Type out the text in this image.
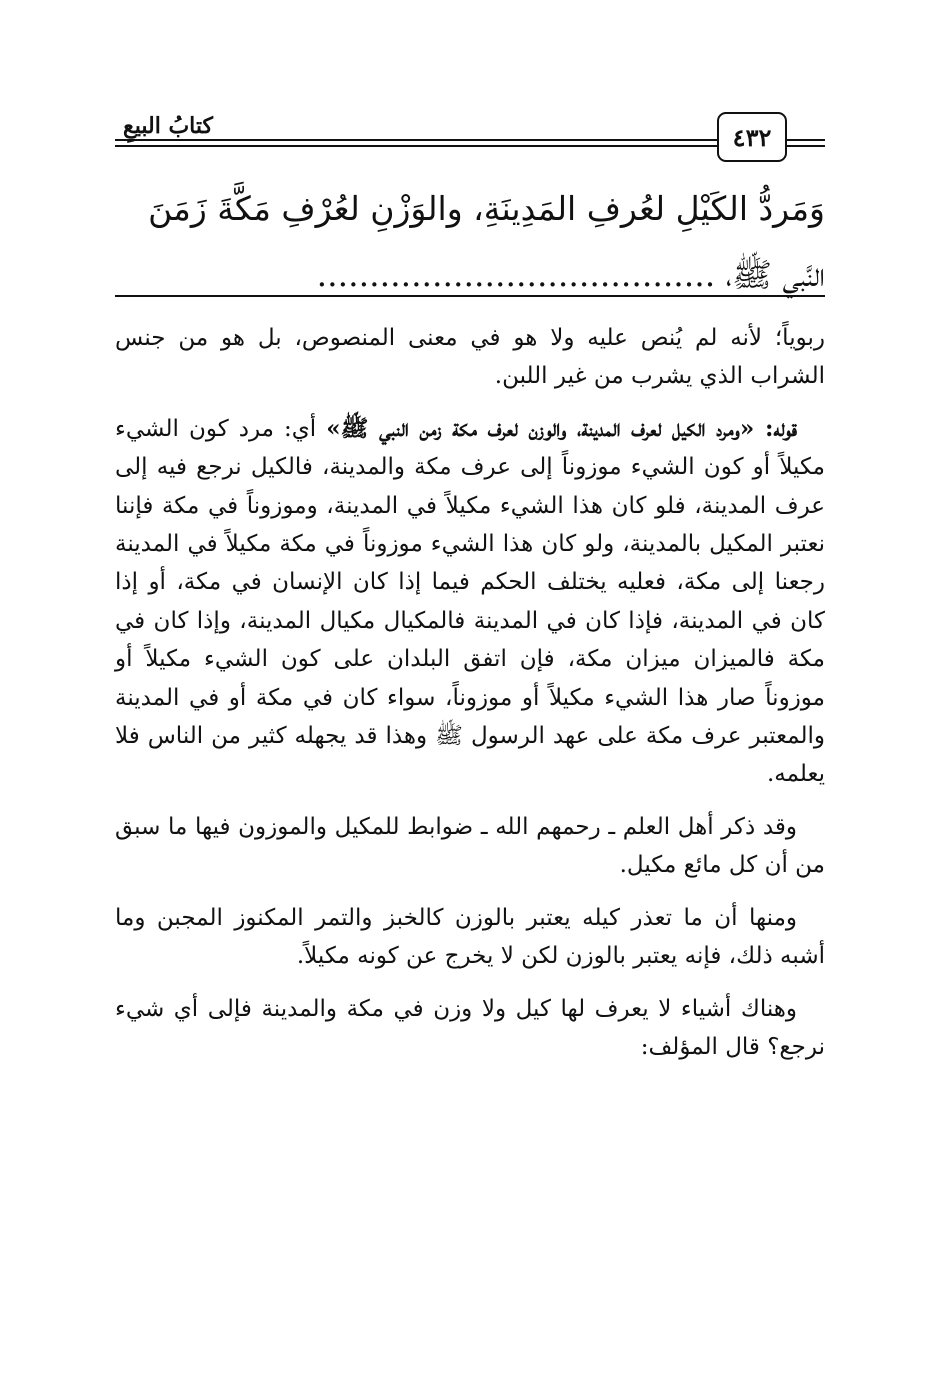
٤٣٢
كتابُ البيعِ
وَمَردُّ الكَيْلِ لعُرفِ المَدِينَةِ، والوَزْنِ لعُرْفِ مَكَّةَ زَمَنَ
النَّبي ﷺ، ......................................

ربوياً؛ لأنه لم يُنص عليه ولا هو في معنى المنصوص، بل هو من جنس الشراب الذي يشرب من غير اللبن.

قوله: «ومرد الكيل لعرف المدينة، والوزن لعرف مكة زمن النبي ﷺ» أي: مرد كون الشيء مكيلاً أو كون الشيء موزوناً إلى عرف مكة والمدينة، فالكيل نرجع فيه إلى عرف المدينة، فلو كان هذا الشيء مكيلاً في المدينة، وموزوناً في مكة فإننا نعتبر المكيل بالمدينة، ولو كان هذا الشيء موزوناً في مكة مكيلاً في المدينة رجعنا إلى مكة، فعليه يختلف الحكم فيما إذا كان الإنسان في مكة، أو إذا كان في المدينة، فإذا كان في المدينة فالمكيال مكيال المدينة، وإذا كان في مكة فالميزان ميزان مكة، فإن اتفق البلدان على كون الشيء مكيلاً أو موزوناً صار هذا الشيء مكيلاً أو موزوناً، سواء كان في مكة أو في المدينة والمعتبر عرف مكة على عهد الرسول ﷺ وهذا قد يجهله كثير من الناس فلا يعلمه.

وقد ذكر أهل العلم ـ رحمهم الله ـ ضوابط للمكيل والموزون فيها ما سبق من أن كل مائع مكيل.

ومنها أن ما تعذر كيله يعتبر بالوزن كالخبز والتمر المكنوز المجبن وما أشبه ذلك، فإنه يعتبر بالوزن لكن لا يخرج عن كونه مكيلاً.

وهناك أشياء لا يعرف لها كيل ولا وزن في مكة والمدينة فإلى أي شيء نرجع؟ قال المؤلف:
